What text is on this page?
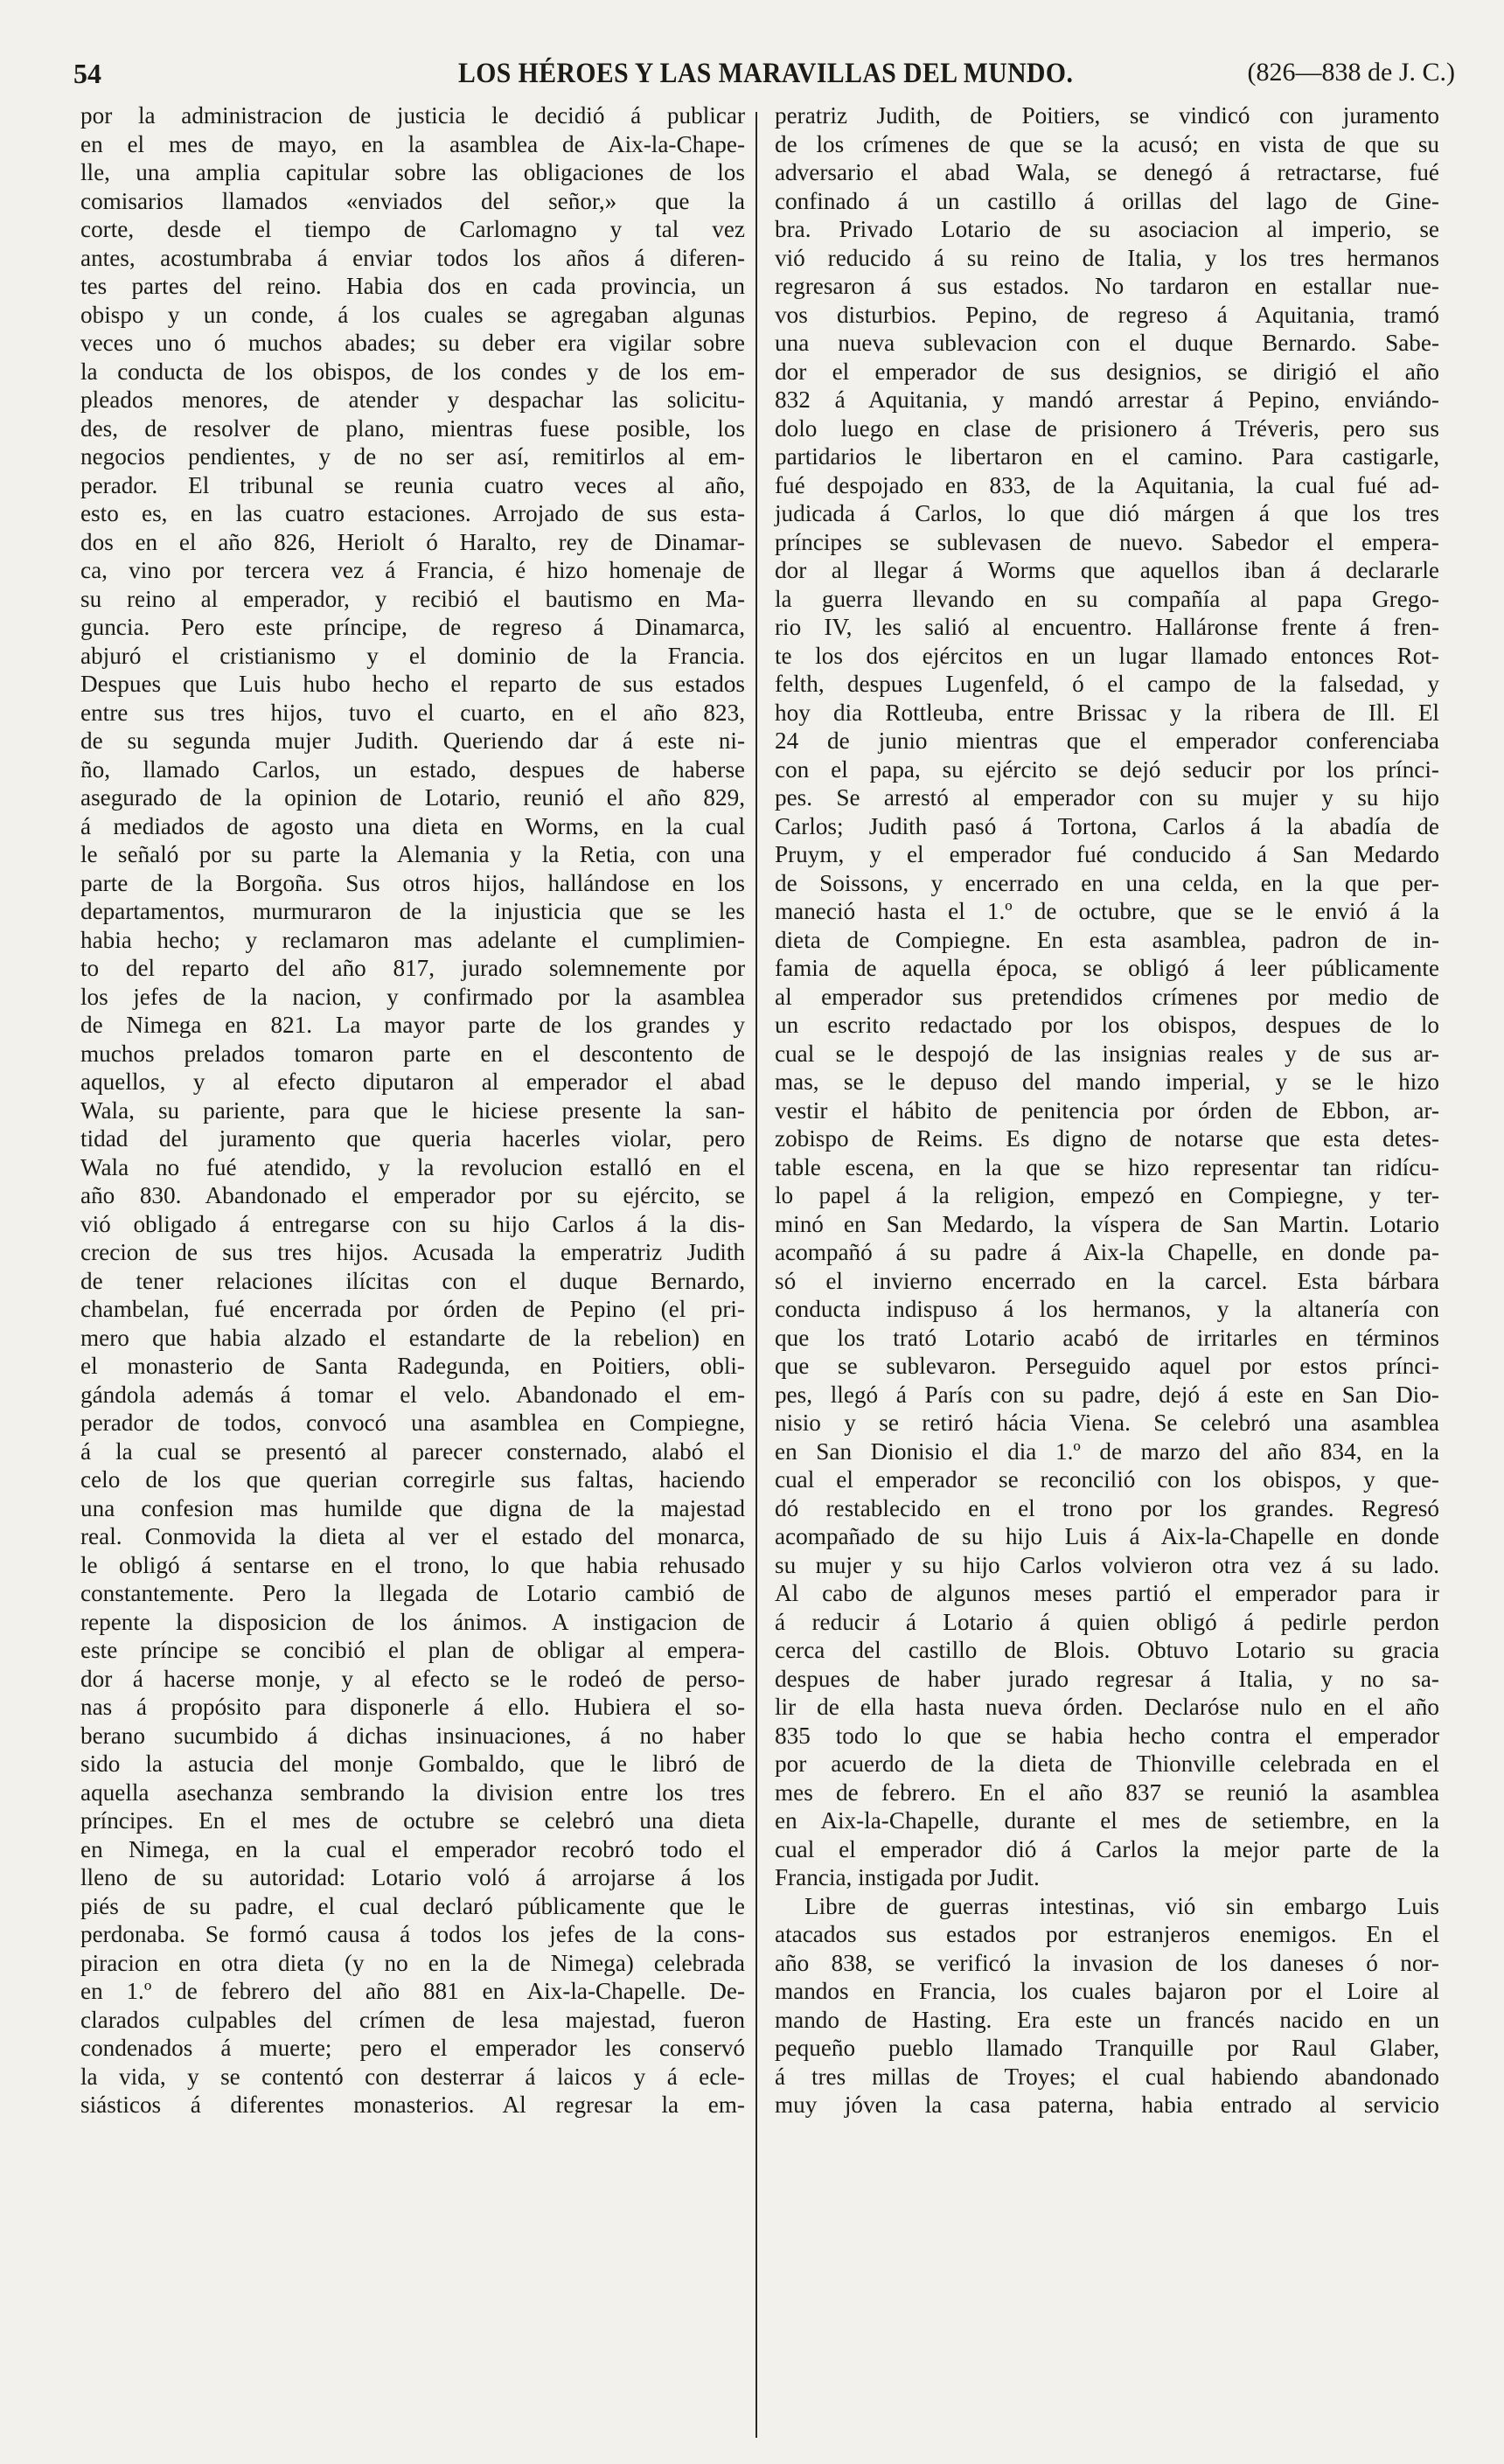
54	LOS HÉROES Y LAS MARAVILLAS DEL MUNDO.	(826—838 de J. C.)
por la administracion de justicia le decidió á publicar
en el mes de mayo, en la asamblea de Aix-la-Chape-
lle, una amplia capitular sobre las obligaciones de los
comisarios llamados «enviados del señor,» que la
corte, desde el tiempo de Carlomagno y tal vez
antes, acostumbraba á enviar todos los años á diferen-
tes partes del reino. Habia dos en cada provincia, un
obispo y un conde, á los cuales se agregaban algunas
veces uno ó muchos abades; su deber era vigilar sobre
la conducta de los obispos, de los condes y de los em-
pleados menores, de atender y despachar las solicitu-
des, de resolver de plano, mientras fuese posible, los
negocios pendientes, y de no ser así, remitirlos al em-
perador. El tribunal se reunia cuatro veces al año,
esto es, en las cuatro estaciones. Arrojado de sus esta-
dos en el año 826, Heriolt ó Haralto, rey de Dinamar-
ca, vino por tercera vez á Francia, é hizo homenaje de
su reino al emperador, y recibió el bautismo en Ma-
guncia. Pero este príncipe, de regreso á Dinamarca,
abjuró el cristianismo y el dominio de la Francia.
Despues que Luis hubo hecho el reparto de sus estados
entre sus tres hijos, tuvo el cuarto, en el año 823,
de su segunda mujer Judith. Queriendo dar á este ni-
ño, llamado Carlos, un estado, despues de haberse
asegurado de la opinion de Lotario, reunió el año 829,
á mediados de agosto una dieta en Worms, en la cual
le señaló por su parte la Alemania y la Retia, con una
parte de la Borgoña. Sus otros hijos, hallándose en los
departamentos, murmuraron de la injusticia que se les
habia hecho; y reclamaron mas adelante el cumplimien-
to del reparto del año 817, jurado solemnemente por
los jefes de la nacion, y confirmado por la asamblea
de Nimega en 821. La mayor parte de los grandes y
muchos prelados tomaron parte en el descontento de
aquellos, y al efecto diputaron al emperador el abad
Wala, su pariente, para que le hiciese presente la san-
tidad del juramento que queria hacerles violar, pero
Wala no fué atendido, y la revolucion estalló en el
año 830. Abandonado el emperador por su ejército, se
vió obligado á entregarse con su hijo Carlos á la dis-
crecion de sus tres hijos. Acusada la emperatriz Judith
de tener relaciones ilícitas con el duque Bernardo,
chambelan, fué encerrada por órden de Pepino (el pri-
mero que habia alzado el estandarte de la rebelion) en
el monasterio de Santa Radegunda, en Poitiers, obli-
gándola además á tomar el velo. Abandonado el em-
perador de todos, convocó una asamblea en Compiegne,
á la cual se presentó al parecer consternado, alabó el
celo de los que querian corregirle sus faltas, haciendo
una confesion mas humilde que digna de la majestad
real. Conmovida la dieta al ver el estado del monarca,
le obligó á sentarse en el trono, lo que habia rehusado
constantemente. Pero la llegada de Lotario cambió de
repente la disposicion de los ánimos. A instigacion de
este príncipe se concibió el plan de obligar al empera-
dor á hacerse monje, y al efecto se le rodeó de perso-
nas á propósito para disponerle á ello. Hubiera el so-
berano sucumbido á dichas insinuaciones, á no haber
sido la astucia del monje Gombaldo, que le libró de
aquella asechanza sembrando la division entre los tres
príncipes. En el mes de octubre se celebró una dieta
en Nimega, en la cual el emperador recobró todo el
lleno de su autoridad: Lotario voló á arrojarse á los
piés de su padre, el cual declaró públicamente que le
perdonaba. Se formó causa á todos los jefes de la cons-
piracion en otra dieta (y no en la de Nimega) celebrada
en 1.º de febrero del año 881 en Aix-la-Chapelle. De-
clarados culpables del crímen de lesa majestad, fueron
condenados á muerte; pero el emperador les conservó
la vida, y se contentó con desterrar á laicos y á ecle-
siásticos á diferentes monasterios. Al regresar la em-
peratriz Judith, de Poitiers, se vindicó con juramento
de los crímenes de que se la acusó; en vista de que su
adversario el abad Wala, se denegó á retractarse, fué
confinado á un castillo á orillas del lago de Gine-
bra. Privado Lotario de su asociacion al imperio, se
vió reducido á su reino de Italia, y los tres hermanos
regresaron á sus estados. No tardaron en estallar nue-
vos disturbios. Pepino, de regreso á Aquitania, tramó
una nueva sublevacion con el duque Bernardo. Sabe-
dor el emperador de sus designios, se dirigió el año
832 á Aquitania, y mandó arrestar á Pepino, enviándo-
dolo luego en clase de prisionero á Tréveris, pero sus
partidarios le libertaron en el camino. Para castigarle,
fué despojado en 833, de la Aquitania, la cual fué ad-
judicada á Carlos, lo que dió márgen á que los tres
príncipes se sublevasen de nuevo. Sabedor el empera-
dor al llegar á Worms que aquellos iban á declararle
la guerra llevando en su compañía al papa Grego-
rio IV, les salió al encuentro. Halláronse frente á fren-
te los dos ejércitos en un lugar llamado entonces Rot-
felth, despues Lugenfeld, ó el campo de la falsedad, y
hoy dia Rottleuba, entre Brissac y la ribera de Ill. El
24 de junio mientras que el emperador conferenciaba
con el papa, su ejército se dejó seducir por los prínci-
pes. Se arrestó al emperador con su mujer y su hijo
Carlos; Judith pasó á Tortona, Carlos á la abadía de
Pruym, y el emperador fué conducido á San Medardo
de Soissons, y encerrado en una celda, en la que per-
maneció hasta el 1.º de octubre, que se le envió á la
dieta de Compiegne. En esta asamblea, padron de in-
famia de aquella época, se obligó á leer públicamente
al emperador sus pretendidos crímenes por medio de
un escrito redactado por los obispos, despues de lo
cual se le despojó de las insignias reales y de sus ar-
mas, se le depuso del mando imperial, y se le hizo
vestir el hábito de penitencia por órden de Ebbon, ar-
zobispo de Reims. Es digno de notarse que esta detes-
table escena, en la que se hizo representar tan ridícu-
lo papel á la religion, empezó en Compiegne, y ter-
minó en San Medardo, la víspera de San Martin. Lotario
acompañó á su padre á Aix-la Chapelle, en donde pa-
só el invierno encerrado en la carcel. Esta bárbara
conducta indispuso á los hermanos, y la altanería con
que los trató Lotario acabó de irritarles en términos
que se sublevaron. Perseguido aquel por estos prínci-
pes, llegó á París con su padre, dejó á este en San Dio-
nisio y se retiró hácia Viena. Se celebró una asamblea
en San Dionisio el dia 1.º de marzo del año 834, en la
cual el emperador se reconcilió con los obispos, y que-
dó restablecido en el trono por los grandes. Regresó
acompañado de su hijo Luis á Aix-la-Chapelle en donde
su mujer y su hijo Carlos volvieron otra vez á su lado.
Al cabo de algunos meses partió el emperador para ir
á reducir á Lotario á quien obligó á pedirle perdon
cerca del castillo de Blois. Obtuvo Lotario su gracia
despues de haber jurado regresar á Italia, y no sa-
lir de ella hasta nueva órden. Declaróse nulo en el año
835 todo lo que se habia hecho contra el emperador
por acuerdo de la dieta de Thionville celebrada en el
mes de febrero. En el año 837 se reunió la asamblea
en Aix-la-Chapelle, durante el mes de setiembre, en la
cual el emperador dió á Carlos la mejor parte de la
Francia, instigada por Judit.
Libre de guerras intestinas, vió sin embargo Luis
atacados sus estados por estranjeros enemigos. En el
año 838, se verificó la invasion de los daneses ó nor-
mandos en Francia, los cuales bajaron por el Loire al
mando de Hasting. Era este un francés nacido en un
pequeño pueblo llamado Tranquille por Raul Glaber,
á tres millas de Troyes; el cual habiendo abandonado
muy jóven la casa paterna, habia entrado al servicio
